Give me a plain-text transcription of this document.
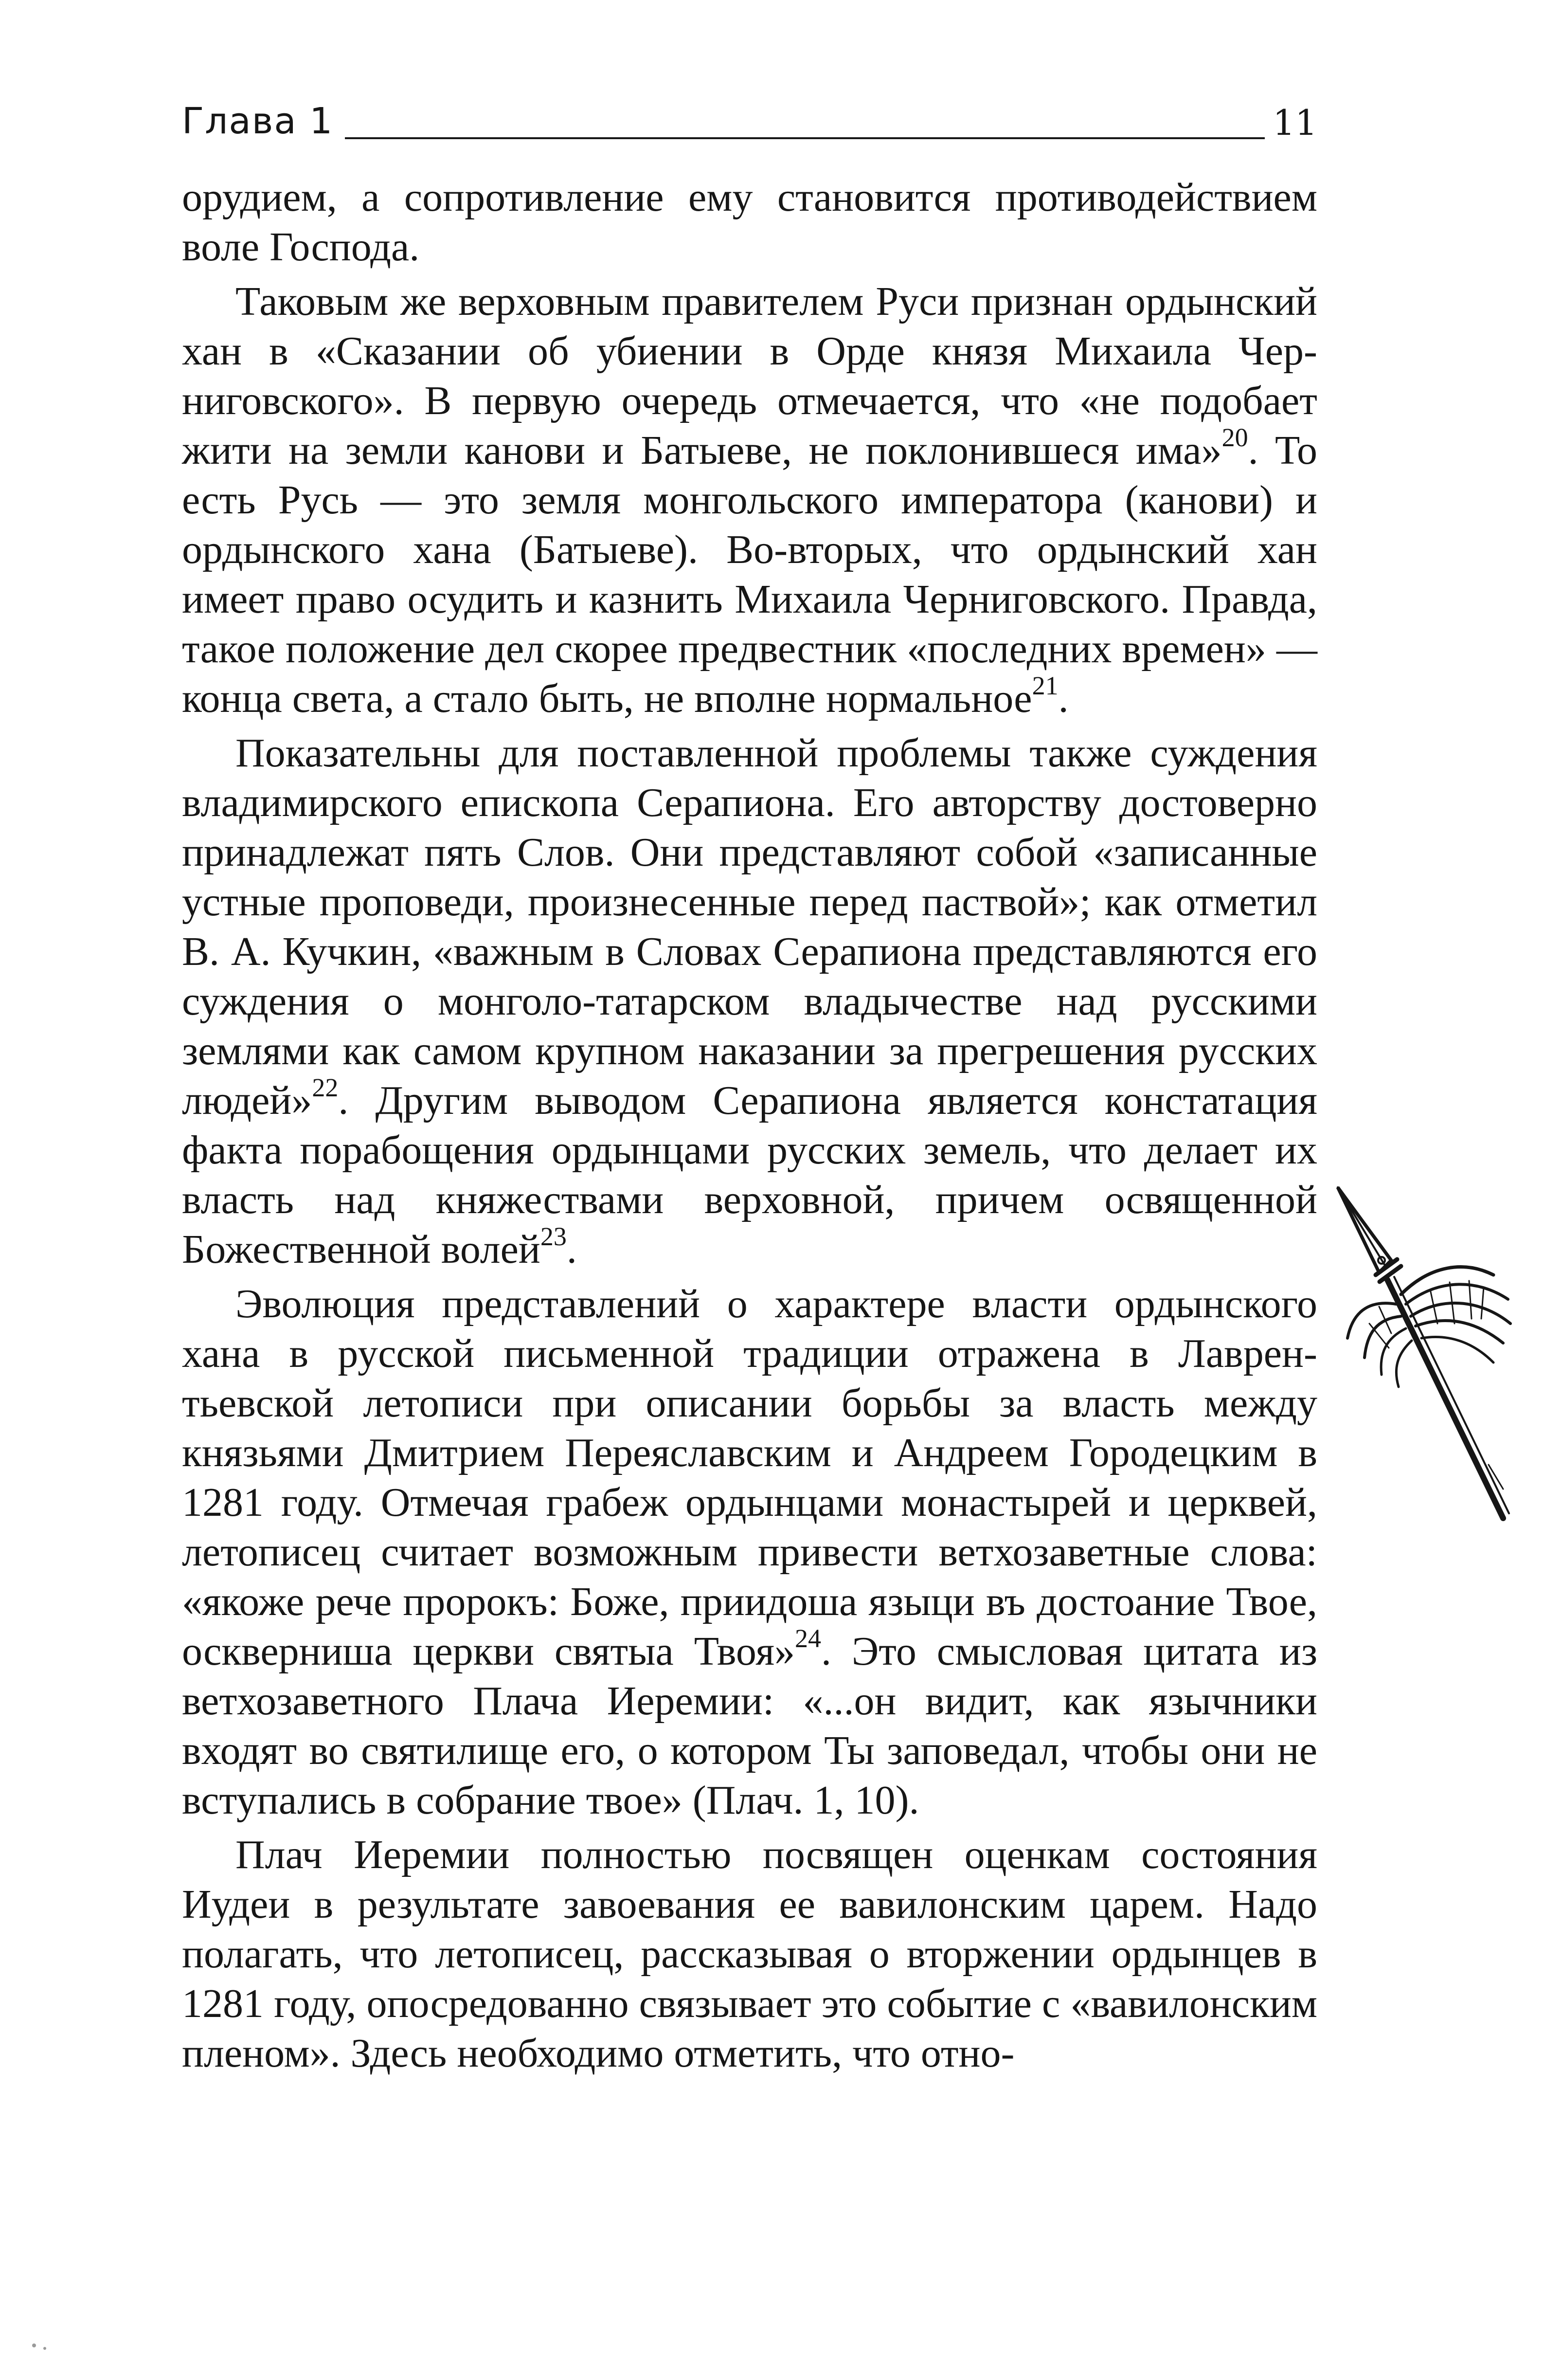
Глава 1	11

орудием, а сопротивление ему становится противодействием воле Господа.

Таковым же верховным правителем Руси признан ордынский хан в «Сказании об убиении в Орде князя Михаила Черниговского». В первую очередь отмечается, что «не подобает жити на земли канови и Батыеве, не поклонившеся има»$^{20}$. То есть Русь — это земля монгольского императора (канови) и ордынского хана (Батыеве). Во-вторых, что ордынский хан имеет право осудить и казнить Михаила Черниговского. Правда, такое положение дел скорее предвестник «последних времен» — конца света, а стало быть, не вполне нормальное$^{21}$.

Показательны для поставленной проблемы также суждения владимирского епископа Серапиона. Его авторству достоверно принадлежат пять Слов. Они представляют собой «записанные устные проповеди, произнесенные перед паствой»; как отметил В. А. Кучкин, «важным в Словах Серапиона представляются его суждения о монголо-татарском владычестве над русскими землями как самом крупном наказании за прегрешения русских людей»$^{22}$. Другим выводом Серапиона является констатация факта порабощения ордынцами русских земель, что делает их власть над княжествами верховной, причем освященной Божественной волей$^{23}$.

Эволюция представлений о характере власти ордынского хана в русской письменной традиции отражена в Лаврентьевской летописи при описании борьбы за власть между князьями Дмитрием Переяславским и Андреем Городецким в 1281 году. Отмечая грабеж ордынцами монастырей и церквей, летописец считает возможным привести ветхозаветные слова: «якоже рече пророкъ: Боже, приидоша языци въ достоание Твое, оскверниша церкви святыа Твоя»$^{24}$. Это смысловая цитата из ветхозаветного Плача Иеремии: «...он видит, как язычники входят во святилище его, о котором Ты заповедал, чтобы они не вступались в собрание твое» (Плач. 1, 10).

Плач Иеремии полностью посвящен оценкам состояния Иудеи в результате завоевания ее вавилонским царем. Надо полагать, что летописец, рассказывая о вторжении ордынцев в 1281 году, опосредованно связывает это событие с «вавилонским пленом». Здесь необходимо отметить, что отно-
